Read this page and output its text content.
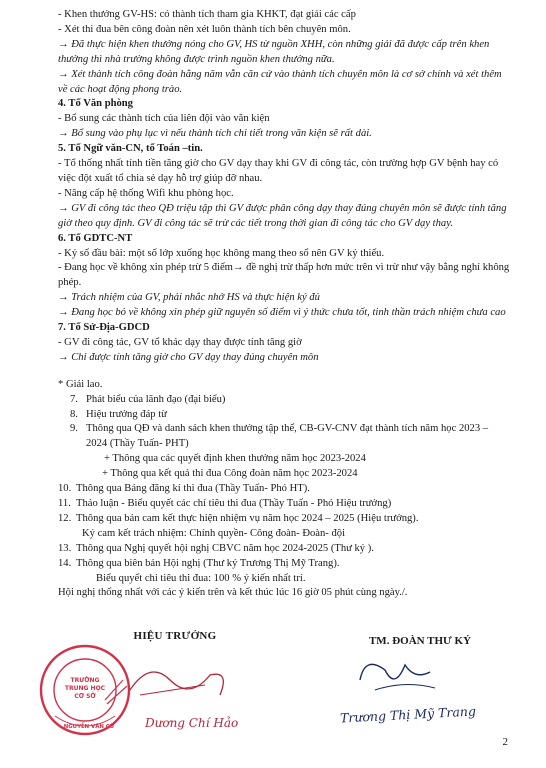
- Khen thưởng GV-HS: có thành tích tham gia KHKT, đạt giải các cấp

- Xét thi đua bên công đoàn nên xét luôn thành tích bên chuyên môn.

→ Đã thực hiện khen thưởng nóng cho GV, HS từ nguồn XHH, còn những giải đã được cấp trên khen thưởng thì nhà trường không được trình nguồn khen thưởng nữa.

→ Xét thành tích công đoàn hằng năm vẫn căn cứ vào thành tích chuyên môn là cơ sở chính và xét thêm về các hoạt động phong trào.

4. Tổ Văn phòng

- Bổ sung các thành tích của liên đội vào văn kiện

→ Bổ sung vào phụ lục vì nếu thành tích chi tiết trong văn kiện sẽ rất dài.

5. Tổ Ngữ văn-CN, tổ Toán –tin.

- Tổ thống nhất tính tiền tăng giờ cho GV dạy thay khi GV đi công tác, còn trường hợp GV bệnh hay có việc đột xuất tổ chia sẻ dạy hỗ trợ giúp đỡ nhau.

- Nâng cấp hệ thống Wifi khu phòng học.

→ GV đi công tác theo QĐ triệu tập thì GV được phân công dạy thay đúng chuyên môn sẽ được tính tăng giờ theo quy định. GV đi công tác sẽ trừ các tiết trong thời gian đi công tác cho GV dạy thay.

6. Tổ GDTC-NT

- Ký sổ đầu bài: một số lớp xuống học không mang theo sổ nên GV ký thiếu.

- Đang học về không xin phép trừ 5 điểm→ đề nghị trừ thấp hơn mức trên vì trừ như vậy bằng nghỉ không phép.

→ Trách nhiệm của GV, phải nhắc nhở HS và thực hiện ký đủ

→ Đang học bỏ về không xin phép giữ nguyên số điểm vì ý thức chưa tốt, tinh thần trách nhiệm chưa cao

7. Tổ Sử-Địa-GDCD

- GV đi công tác, GV tổ khác dạy thay được tính tăng giờ

→ Chỉ được tính tăng giờ cho GV dạy thay đúng chuyên môn

* Giải lao.

7. Phát biểu của lãnh đạo (đại biểu)
8. Hiệu trưởng đáp từ
9. Thông qua QĐ và danh sách khen thưởng tập thể, CB-GV-CNV đạt thành tích năm học 2023 – 2024 (Thầy Tuấn- PHT)

+ Thông qua các quyết định khen thưởng năm học 2023-2024

+ Thông qua kết quả thi đua Công đoàn năm học 2023-2024

10. Thông qua Bảng đăng kí thi đua (Thầy Tuấn- Phó HT).
11. Thảo luận - Biểu quyết các chỉ tiêu thi đua (Thầy Tuấn - Phó Hiệu trưởng)
12. Thông qua bản cam kết thực hiện nhiệm vụ năm học 2024 – 2025 (Hiệu trưởng).

Ký cam kết trách nhiệm: Chính quyền- Công đoàn- Đoàn- đội

13. Thông qua Nghị quyết hội nghị CBVC năm học 2024-2025 (Thư ký ).
14. Thông qua biên bản Hội nghị (Thư ký Trương Thị Mỹ Trang).

Biểu quyết chỉ tiêu thi đua: 100 % ý kiến nhất trí.

Hội nghị thống nhất với các ý kiến trên và kết thúc lúc 16 giờ 05 phút cùng ngày./.

HIỆU TRƯỞNG	TM. ĐOÀN THƯ KÝ
TRƯỜNG
TRUNG HỌC
CƠ SỞ
NGUYỄN VĂN CỪ	Dương Chí Hảo	Trương Thị Mỹ Trang
2
